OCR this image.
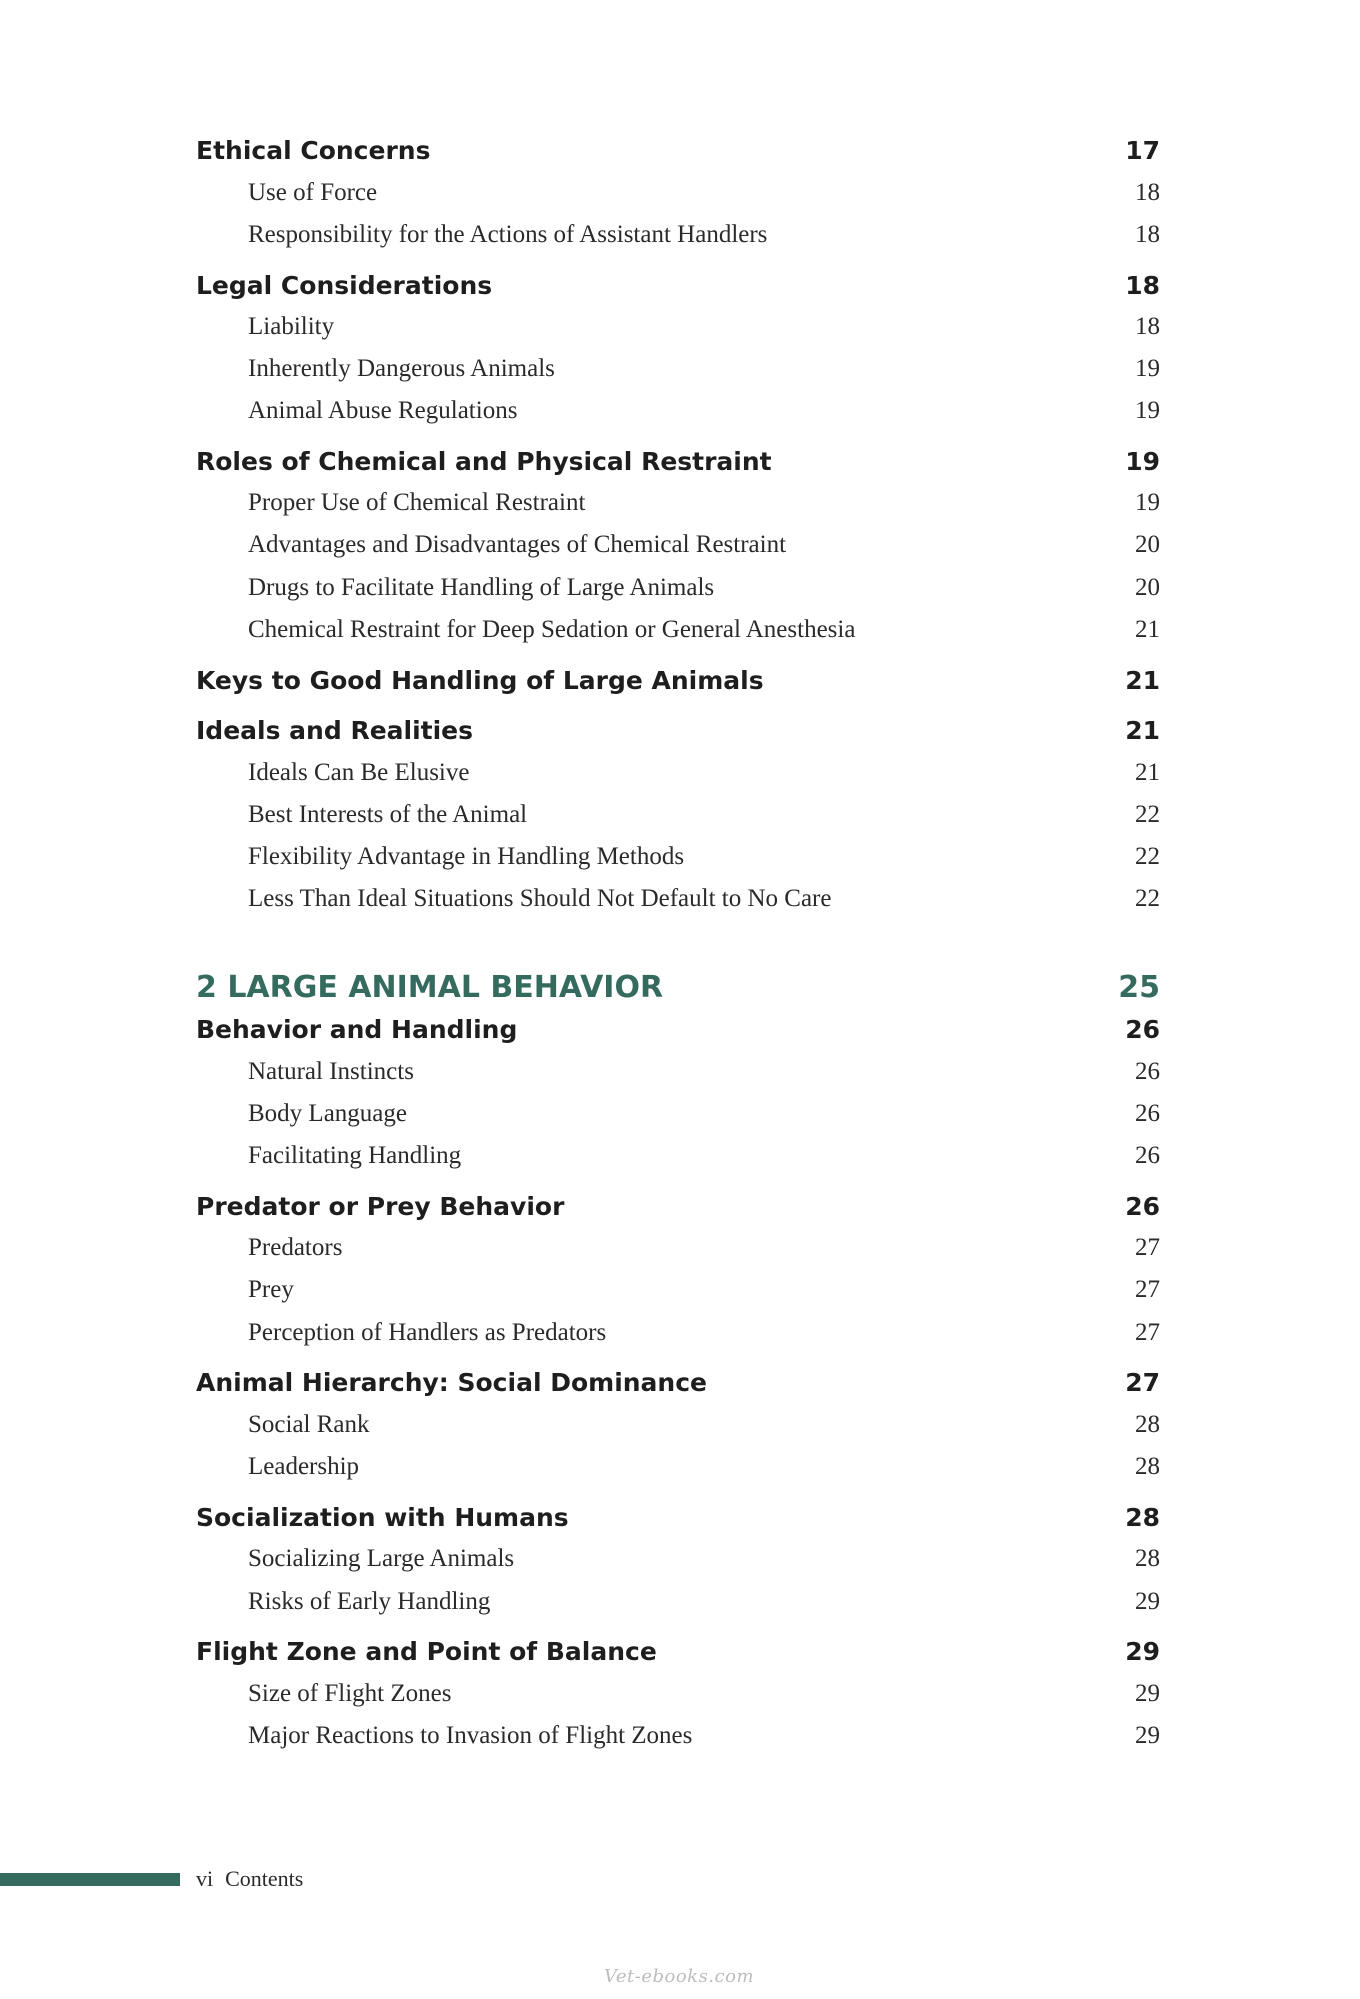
Ethical Concerns	17
Use of Force	18
Responsibility for the Actions of Assistant Handlers	18
Legal Considerations	18
Liability	18
Inherently Dangerous Animals	19
Animal Abuse Regulations	19
Roles of Chemical and Physical Restraint	19
Proper Use of Chemical Restraint	19
Advantages and Disadvantages of Chemical Restraint	20
Drugs to Facilitate Handling of Large Animals	20
Chemical Restraint for Deep Sedation or General Anesthesia	21
Keys to Good Handling of Large Animals	21
Ideals and Realities	21
Ideals Can Be Elusive	21
Best Interests of the Animal	22
Flexibility Advantage in Handling Methods	22
Less Than Ideal Situations Should Not Default to No Care	22
2 LARGE ANIMAL BEHAVIOR	25
Behavior and Handling	26
Natural Instincts	26
Body Language	26
Facilitating Handling	26
Predator or Prey Behavior	26
Predators	27
Prey	27
Perception of Handlers as Predators	27
Animal Hierarchy: Social Dominance	27
Social Rank	28
Leadership	28
Socialization with Humans	28
Socializing Large Animals	28
Risks of Early Handling	29
Flight Zone and Point of Balance	29
Size of Flight Zones	29
Major Reactions to Invasion of Flight Zones	29
vi Contents
Vet-ebooks.com
